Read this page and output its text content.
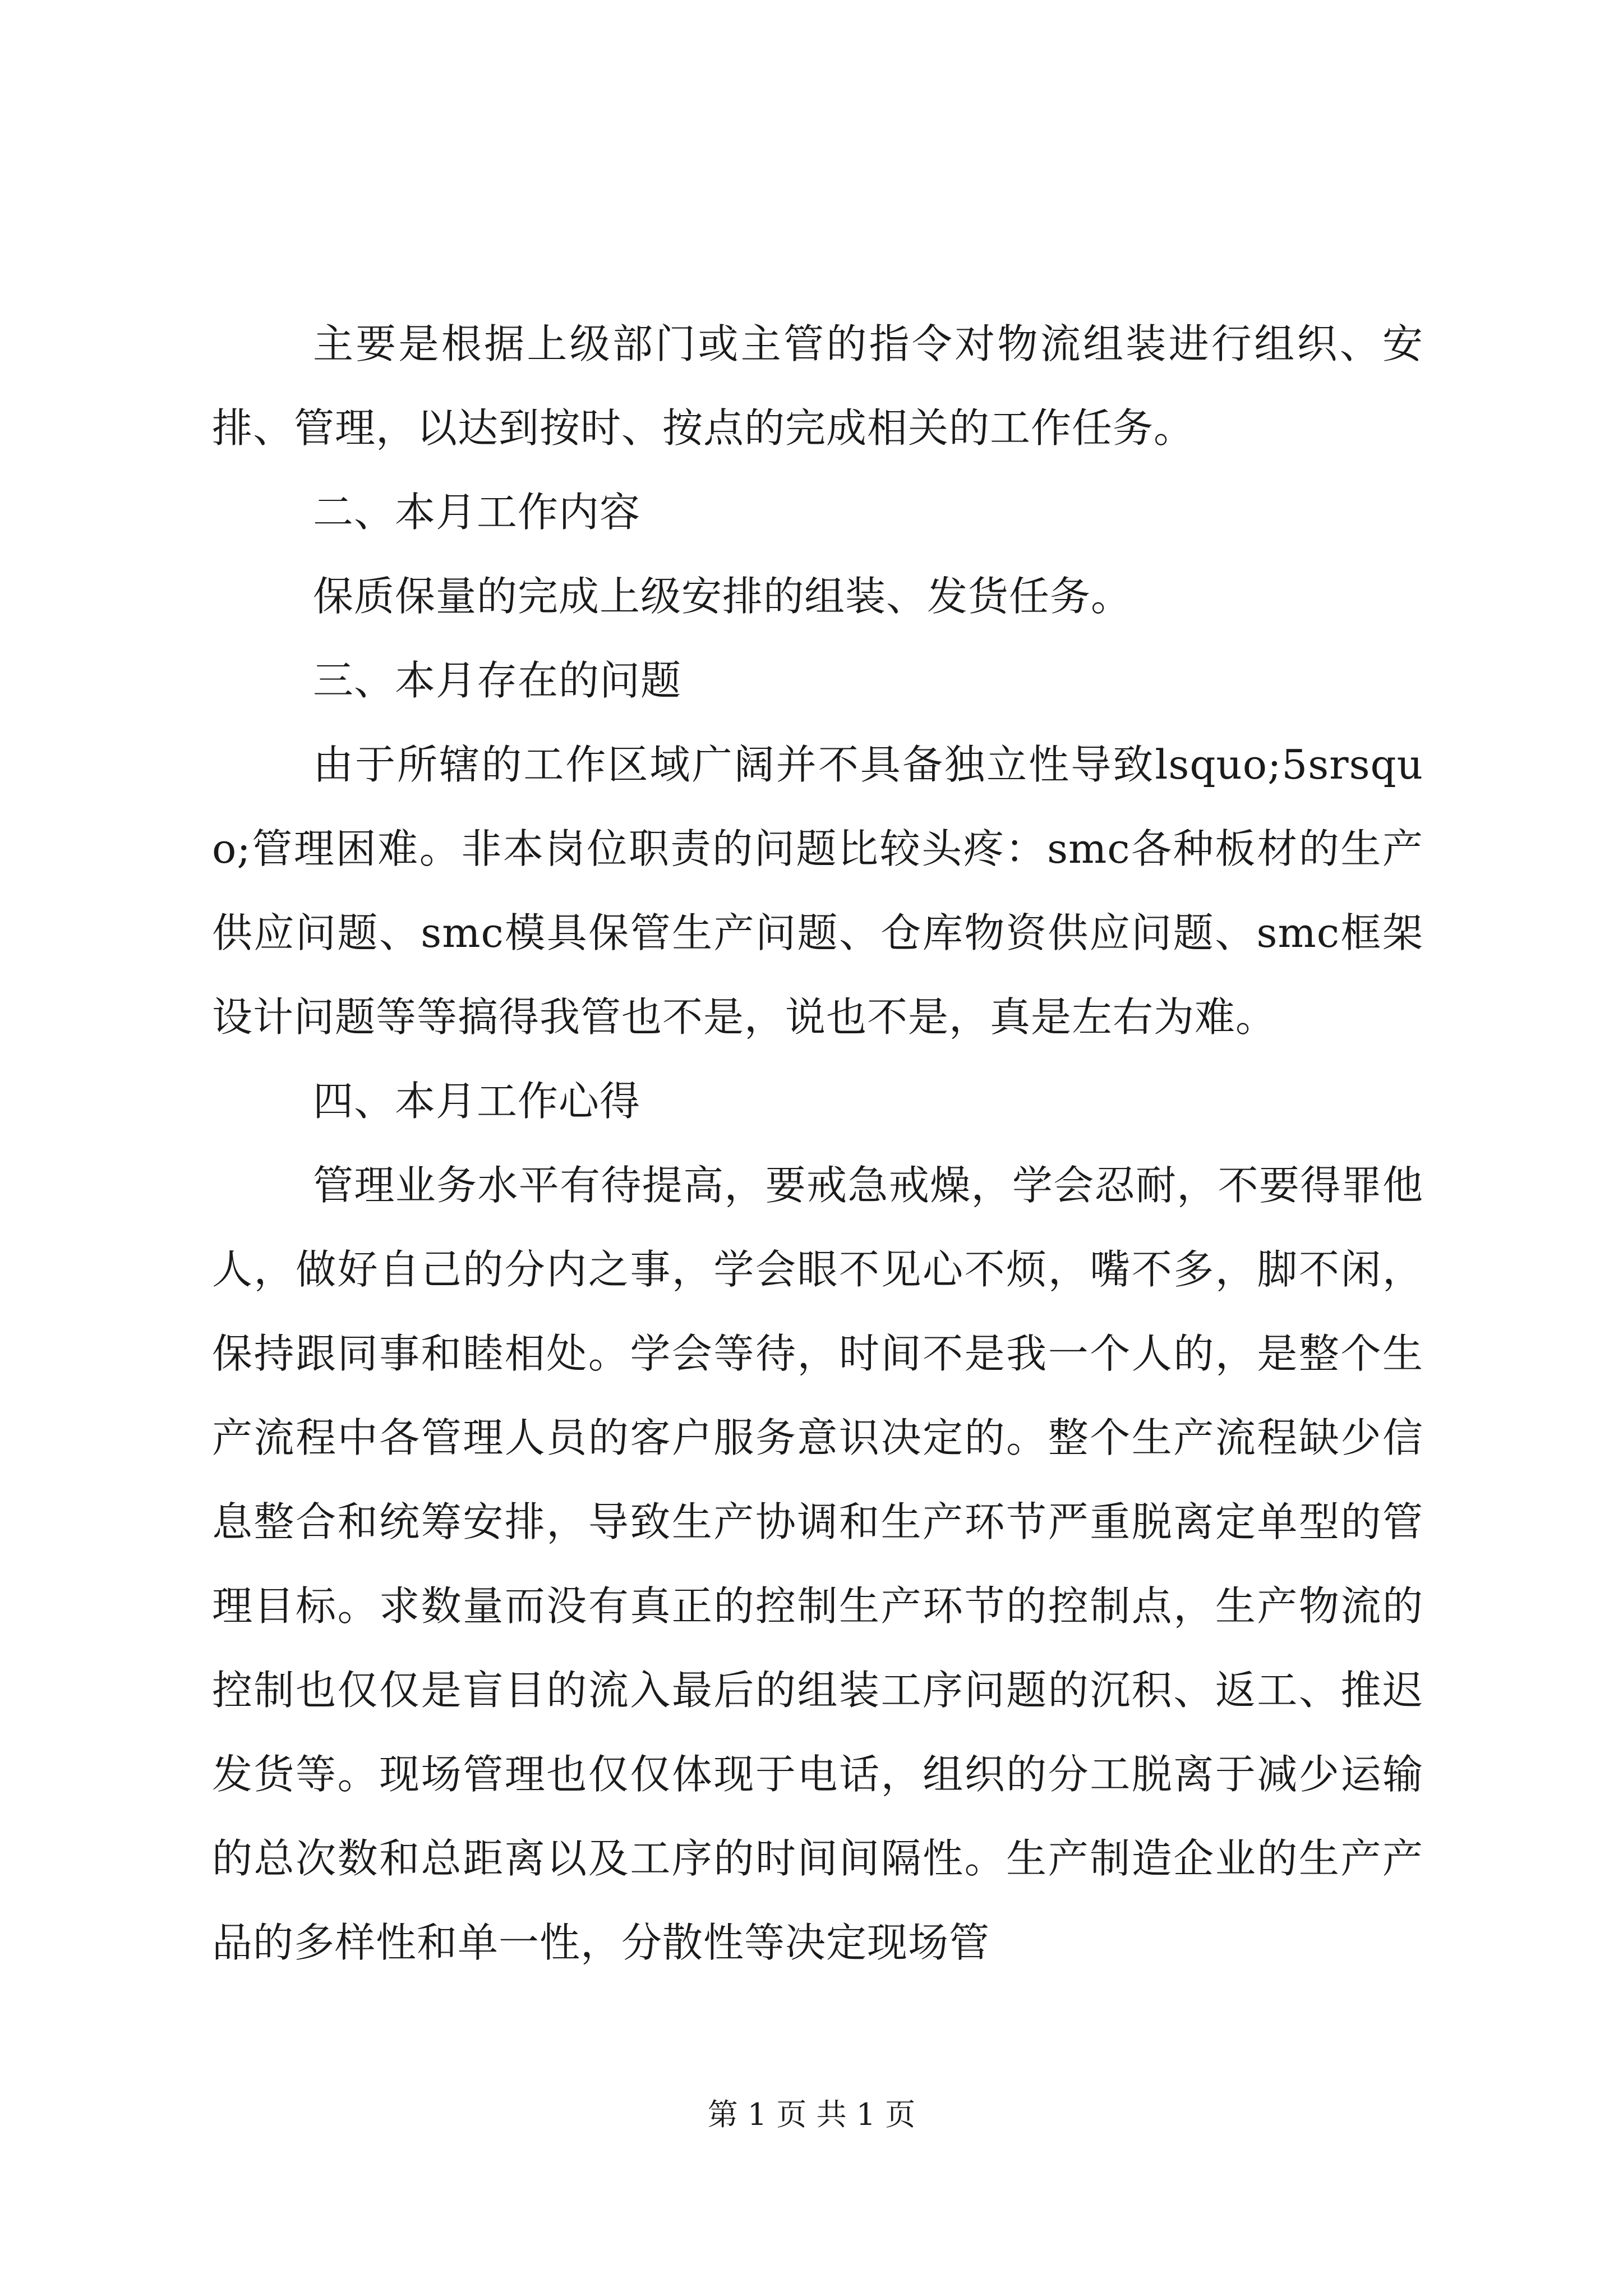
主要是根据上级部门或主管的指令对物流组装进行组织、安排、管理，以达到按时、按点的完成相关的工作任务。

二、本月工作内容

保质保量的完成上级安排的组装、发货任务。

三、本月存在的问题

由于所辖的工作区域广阔并不具备独立性导致lsquo;5srsquo;管理困难。非本岗位职责的问题比较头疼：smc各种板材的生产供应问题、smc模具保管生产问题、仓库物资供应问题、smc框架设计问题等等搞得我管也不是，说也不是，真是左右为难。

四、本月工作心得

管理业务水平有待提高，要戒急戒燥，学会忍耐，不要得罪他人，做好自己的分内之事，学会眼不见心不烦，嘴不多，脚不闲，保持跟同事和睦相处。学会等待，时间不是我一个人的，是整个生产流程中各管理人员的客户服务意识决定的。整个生产流程缺少信息整合和统筹安排，导致生产协调和生产环节严重脱离定单型的管理目标。求数量而没有真正的控制生产环节的控制点，生产物流的控制也仅仅是盲目的流入最后的组装工序问题的沉积、返工、推迟发货等。现场管理也仅仅体现于电话，组织的分工脱离于减少运输的总次数和总距离以及工序的时间间隔性。生产制造企业的生产产品的多样性和单一性，分散性等决定现场管

第 1 页 共 1 页
